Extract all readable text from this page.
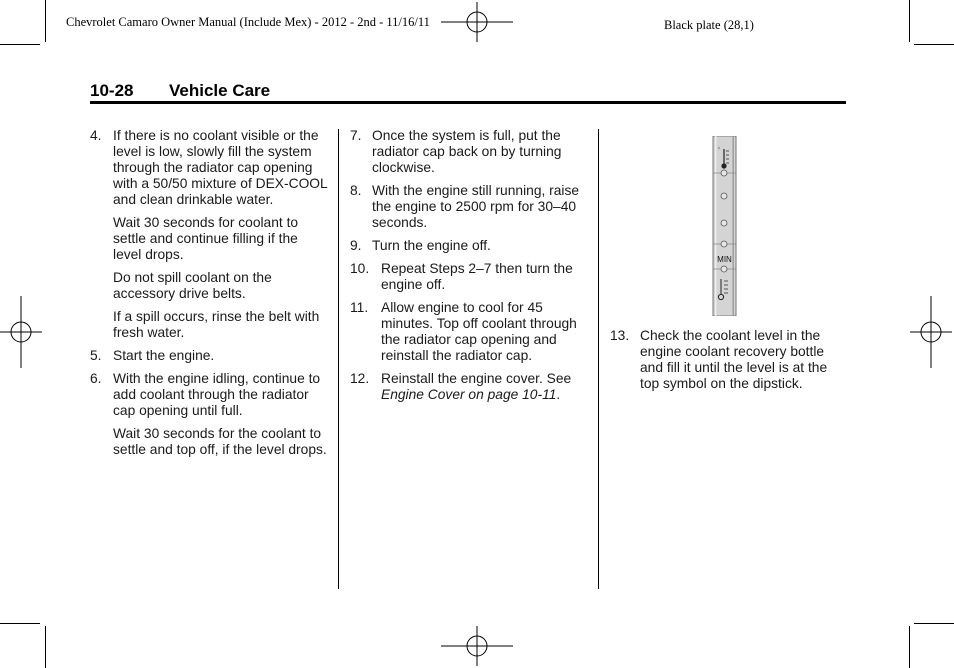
Chevrolet Camaro Owner Manual (Include Mex) - 2012 - 2nd - 11/16/11	Black plate (28,1)
10-28	Vehicle Care
4. If there is no coolant visible or the level is low, slowly fill the system through the radiator cap opening with a 50/50 mixture of DEX-COOL and clean drinkable water.
Wait 30 seconds for coolant to settle and continue filling if the level drops.
Do not spill coolant on the accessory drive belts.
If a spill occurs, rinse the belt with fresh water.
5. Start the engine.
6. With the engine idling, continue to add coolant through the radiator cap opening until full.
Wait 30 seconds for the coolant to settle and top off, if the level drops.
7. Once the system is full, put the radiator cap back on by turning clockwise.
8. With the engine still running, raise the engine to 2500 rpm for 30–40 seconds.
9. Turn the engine off.
10. Repeat Steps 2–7 then turn the engine off.
11. Allow engine to cool for 45 minutes. Top off coolant through the radiator cap opening and reinstall the radiator cap.
12. Reinstall the engine cover. See Engine Cover on page 10-11.
MIN
13. Check the coolant level in the engine coolant recovery bottle and fill it until the level is at the top symbol on the dipstick.
